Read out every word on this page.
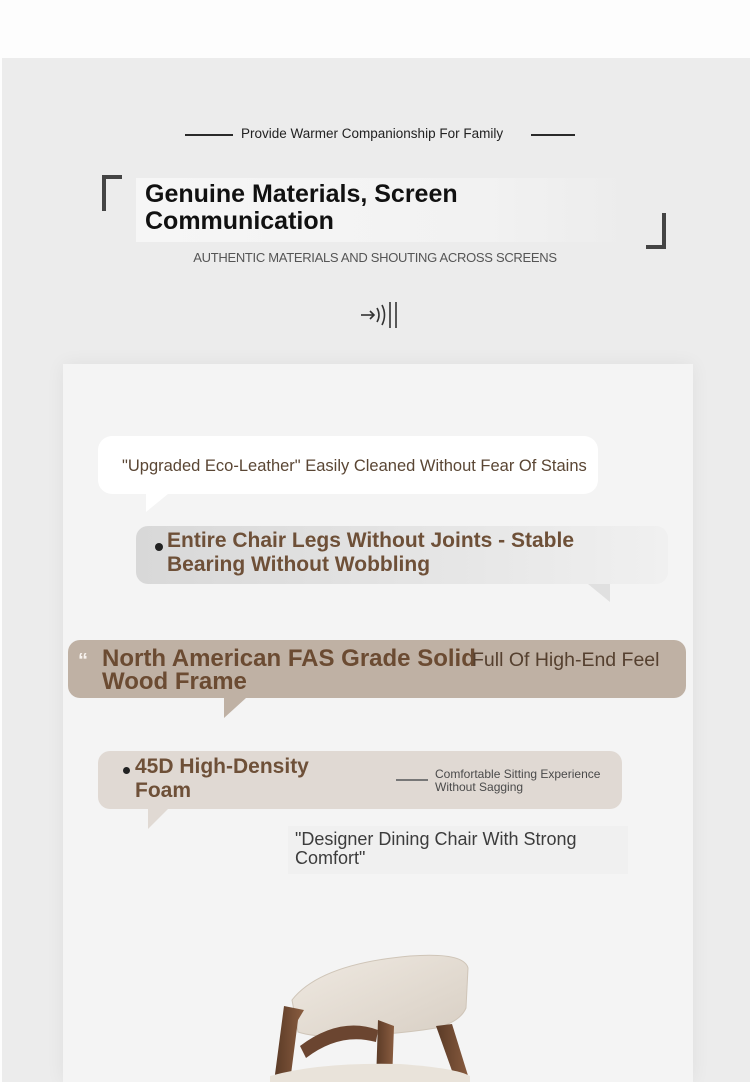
Provide Warmer Companionship For Family
Genuine Materials, Screen Communication
AUTHENTIC MATERIALS AND SHOUTING ACROSS SCREENS
"Upgraded Eco-Leather" Easily Cleaned Without Fear Of Stains
Entire Chair Legs Without Joints - Stable Bearing Without Wobbling
“ North American FAS Grade Solid Wood Frame
Full Of High-End Feel
45D High-Density Foam
Comfortable Sitting Experience Without Sagging
"Designer Dining Chair With Strong Comfort"
